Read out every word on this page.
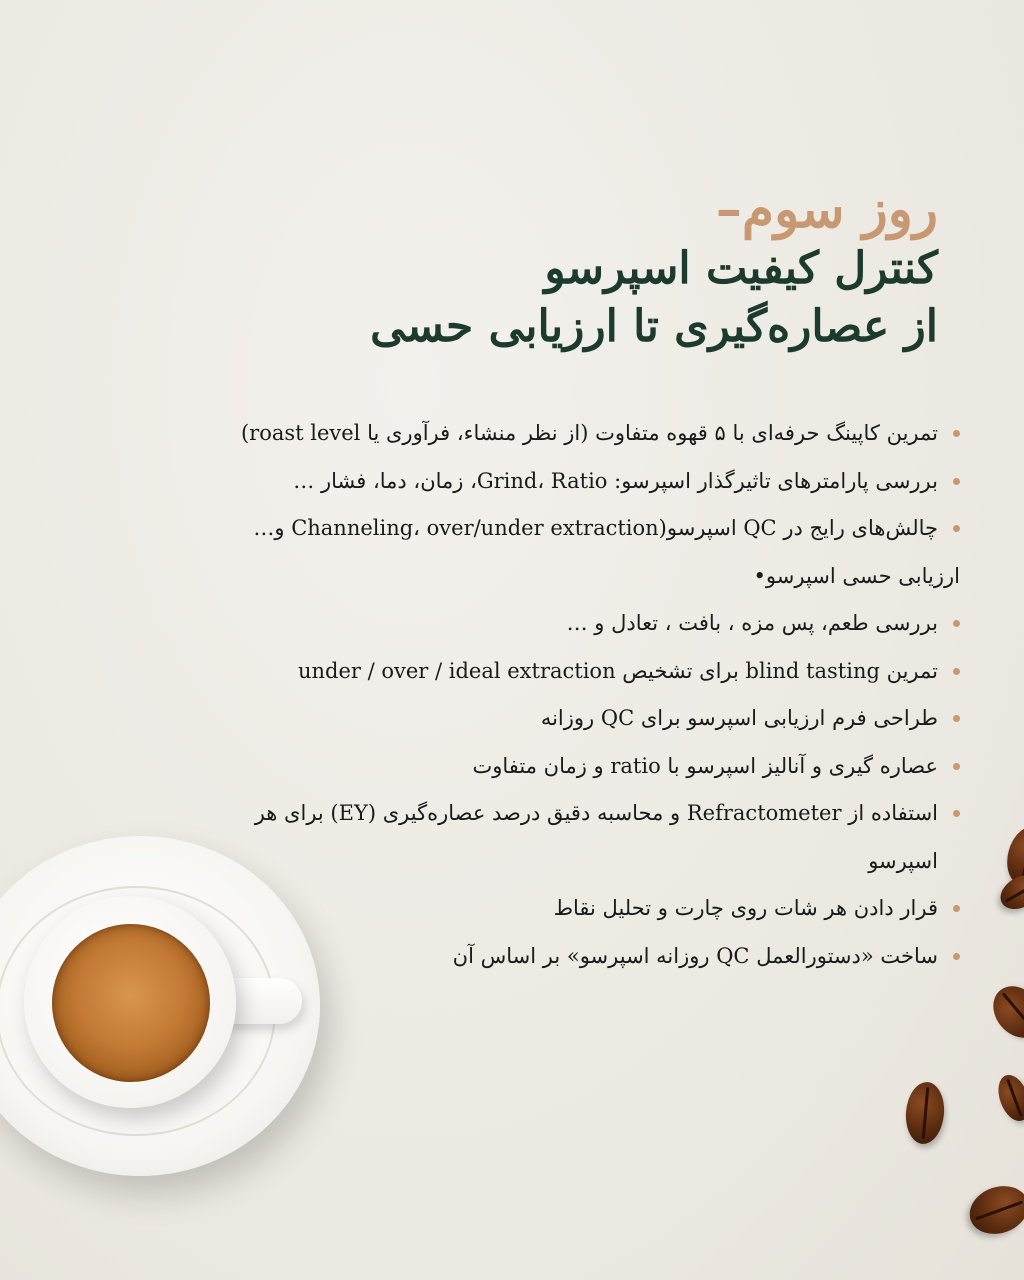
روز سوم–

کنترل کیفیت اسپرسو

از عصاره‌گیری تا ارزیابی حسی

تمرین کاپینگ حرفه‌ای با ۵ قهوه متفاوت (از نظر منشاء، فرآوری یا roast level)
بررسی پارامترهای تاثیرگذار اسپرسو: Grind، Ratio، زمان، دما، فشار …
چالش‌های رایج در QC اسپرسو(Channeling، over/under extraction و…
ارزیابی حسی اسپرسو•
بررسی طعم، پس مزه ، بافت ، تعادل و …
تمرین blind tasting برای تشخیص under / over / ideal extraction
طراحی فرم ارزیابی اسپرسو برای QC روزانه
عصاره گیری و آنالیز اسپرسو با ratio و زمان متفاوت
استفاده از Refractometer و محاسبه دقیق درصد عصاره‌گیری (EY) برای هر اسپرسو
قرار دادن هر شات روی چارت و تحلیل نقاط
ساخت «دستورالعمل QC روزانه اسپرسو» بر اساس آن
